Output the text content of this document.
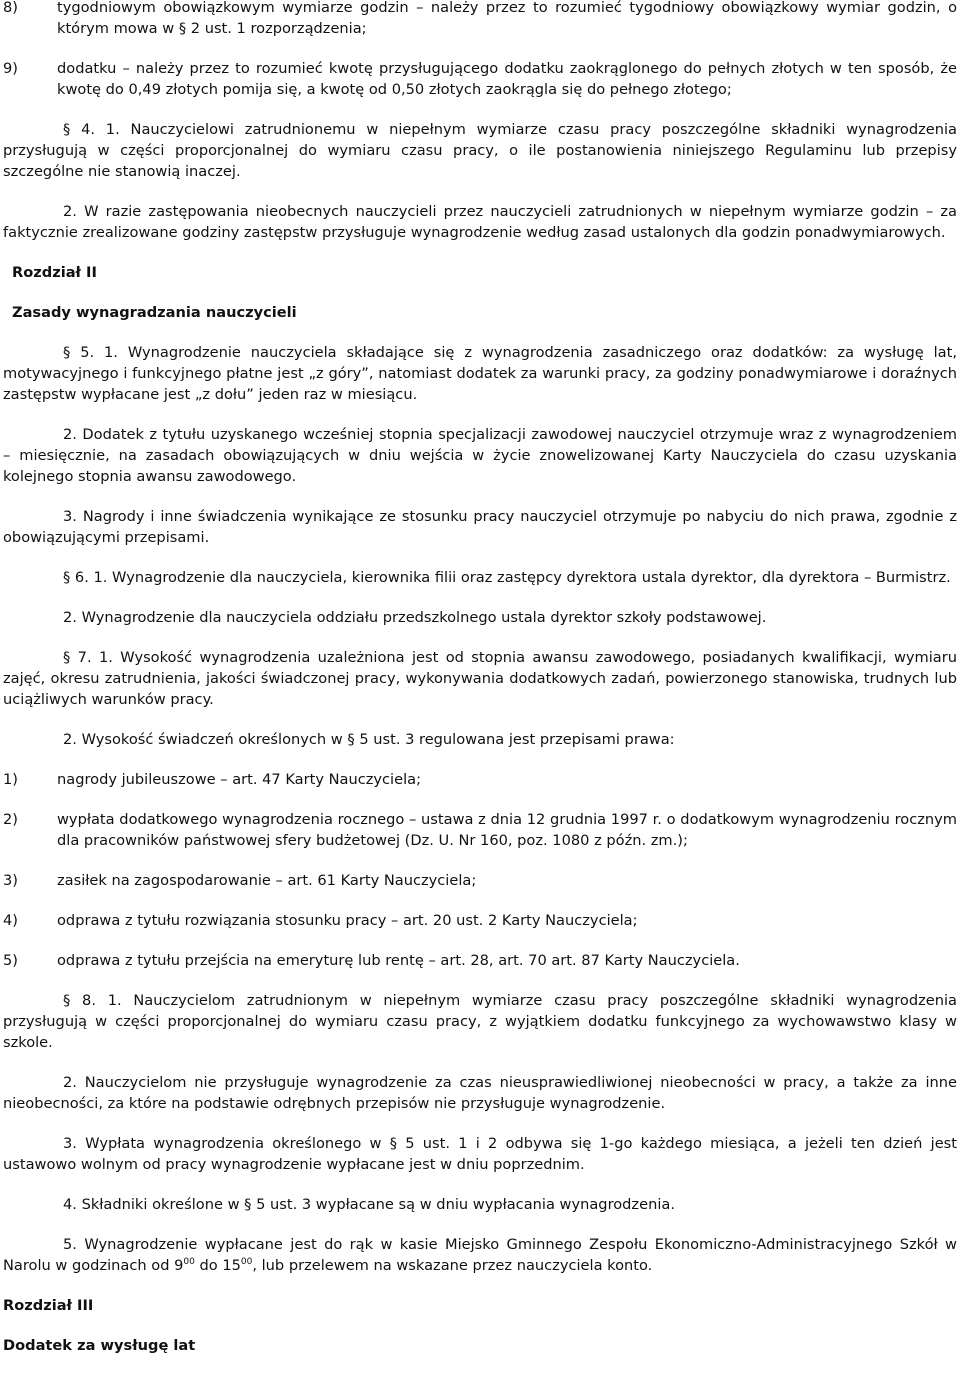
8)	tygodniowym obowiązkowym wymiarze godzin – należy przez to rozumieć tygodniowy obowiązkowy wymiar godzin, o którym mowa w § 2 ust. 1 rozporządzenia;
9)	dodatku – należy przez to rozumieć kwotę przysługującego dodatku zaokrąglonego do pełnych złotych w ten sposób, że kwotę do 0,49 złotych pomija się, a kwotę od 0,50 złotych zaokrągla się do pełnego złotego;

§ 4. 1. Nauczycielowi zatrudnionemu w niepełnym wymiarze czasu pracy poszczególne składniki wynagrodzenia przysługują w części proporcjonalnej do wymiaru czasu pracy, o ile postanowienia niniejszego Regulaminu lub przepisy szczególne nie stanowią inaczej.

2. W razie zastępowania nieobecnych nauczycieli przez nauczycieli zatrudnionych w niepełnym wymiarze godzin – za faktycznie zrealizowane godziny zastępstw przysługuje wynagrodzenie według zasad ustalonych dla godzin ponadwymiarowych.

Rozdział II

Zasady wynagradzania nauczycieli

§ 5. 1. Wynagrodzenie nauczyciela składające się z wynagrodzenia zasadniczego oraz dodatków: za wysługę lat, motywacyjnego i funkcyjnego płatne jest „z góry”, natomiast dodatek za warunki pracy, za godziny ponadwymiarowe i doraźnych zastępstw wypłacane jest „z dołu” jeden raz w miesiącu.

2. Dodatek z tytułu uzyskanego wcześniej stopnia specjalizacji zawodowej nauczyciel otrzymuje wraz z wynagrodzeniem – miesięcznie, na zasadach obowiązujących w dniu wejścia w życie znowelizowanej Karty Nauczyciela do czasu uzyskania kolejnego stopnia awansu zawodowego.

3. Nagrody i inne świadczenia wynikające ze stosunku pracy nauczyciel otrzymuje po nabyciu do nich prawa, zgodnie z obowiązującymi przepisami.

§ 6. 1. Wynagrodzenie dla nauczyciela, kierownika filii oraz zastępcy dyrektora ustala dyrektor, dla dyrektora – Burmistrz.

2. Wynagrodzenie dla nauczyciela oddziału przedszkolnego ustala dyrektor szkoły podstawowej.

§ 7. 1. Wysokość wynagrodzenia uzależniona jest od stopnia awansu zawodowego, posiadanych kwalifikacji, wymiaru zajęć, okresu zatrudnienia, jakości świadczonej pracy, wykonywania dodatkowych zadań, powierzonego stanowiska, trudnych lub uciążliwych warunków pracy.

2. Wysokość świadczeń określonych w § 5 ust. 3 regulowana jest przepisami prawa:

1)	nagrody jubileuszowe – art. 47 Karty Nauczyciela;
2)	wypłata dodatkowego wynagrodzenia rocznego – ustawa z dnia 12 grudnia 1997 r. o dodatkowym wynagrodzeniu rocznym dla pracowników państwowej sfery budżetowej (Dz. U. Nr 160, poz. 1080 z późn. zm.);
3)	zasiłek na zagospodarowanie – art. 61 Karty Nauczyciela;
4)	odprawa z tytułu rozwiązania stosunku pracy – art. 20 ust. 2 Karty Nauczyciela;
5)	odprawa z tytułu przejścia na emeryturę lub rentę – art. 28, art. 70 art. 87 Karty Nauczyciela.

§ 8. 1. Nauczycielom zatrudnionym w niepełnym wymiarze czasu pracy poszczególne składniki wynagrodzenia przysługują w części proporcjonalnej do wymiaru czasu pracy, z wyjątkiem dodatku funkcyjnego za wychowawstwo klasy w szkole.

2. Nauczycielom nie przysługuje wynagrodzenie za czas nieusprawiedliwionej nieobecności w pracy, a także za inne nieobecności, za które na podstawie odrębnych przepisów nie przysługuje wynagrodzenie.

3. Wypłata wynagrodzenia określonego w § 5 ust. 1 i 2 odbywa się 1-go każdego miesiąca, a jeżeli ten dzień jest ustawowo wolnym od pracy wynagrodzenie wypłacane jest w dniu poprzednim.

4. Składniki określone w § 5 ust. 3 wypłacane są w dniu wypłacania wynagrodzenia.

5. Wynagrodzenie wypłacane jest do rąk w kasie Miejsko Gminnego Zespołu Ekonomiczno-Administracyjnego Szkół w Narolu w godzinach od $9^{00}$ do $15^{00}$, lub przelewem na wskazane przez nauczyciela konto.

Rozdział III

Dodatek za wysługę lat
